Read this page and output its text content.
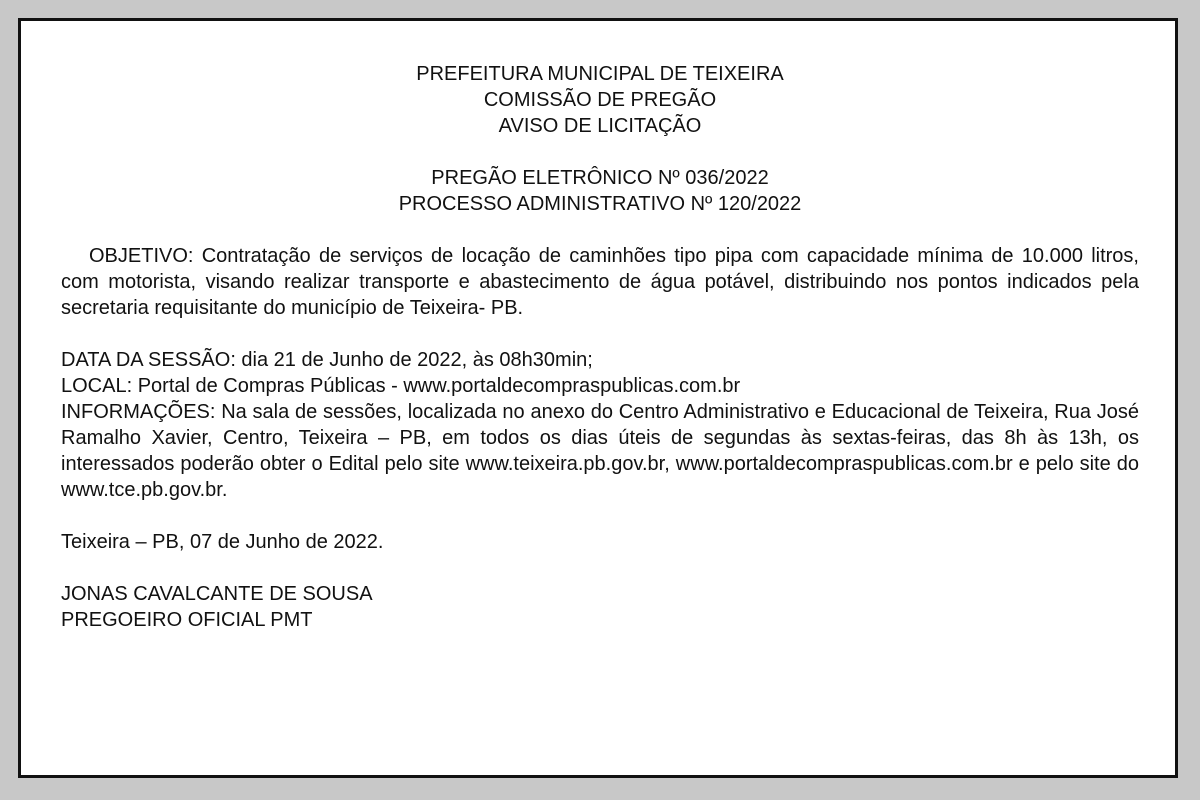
PREFEITURA MUNICIPAL DE TEIXEIRA
COMISSÃO DE PREGÃO
AVISO DE LICITAÇÃO
PREGÃO ELETRÔNICO Nº 036/2022
PROCESSO ADMINISTRATIVO Nº 120/2022

OBJETIVO: Contratação de serviços de locação de caminhões tipo pipa com capacidade mínima de 10.000 litros, com motorista, visando realizar transporte e abastecimento de água potável, distribuindo nos pontos indicados pela secretaria requisitante do município de Teixeira- PB.

DATA DA SESSÃO: dia 21 de Junho de 2022, às 08h30min;
LOCAL: Portal de Compras Públicas - www.portaldecompraspublicas.com.br

INFORMAÇÕES: Na sala de sessões, localizada no anexo do Centro Administrativo e Educacional de Teixeira, Rua José Ramalho Xavier, Centro, Teixeira – PB, em todos os dias úteis de segundas às sextas-feiras, das 8h às 13h, os interessados poderão obter o Edital pelo site www.teixeira.pb.gov.br, www.portaldecompraspublicas.com.br e pelo site do www.tce.pb.gov.br.

Teixeira – PB, 07 de Junho de 2022.
JONAS CAVALCANTE DE SOUSA
PREGOEIRO OFICIAL PMT
